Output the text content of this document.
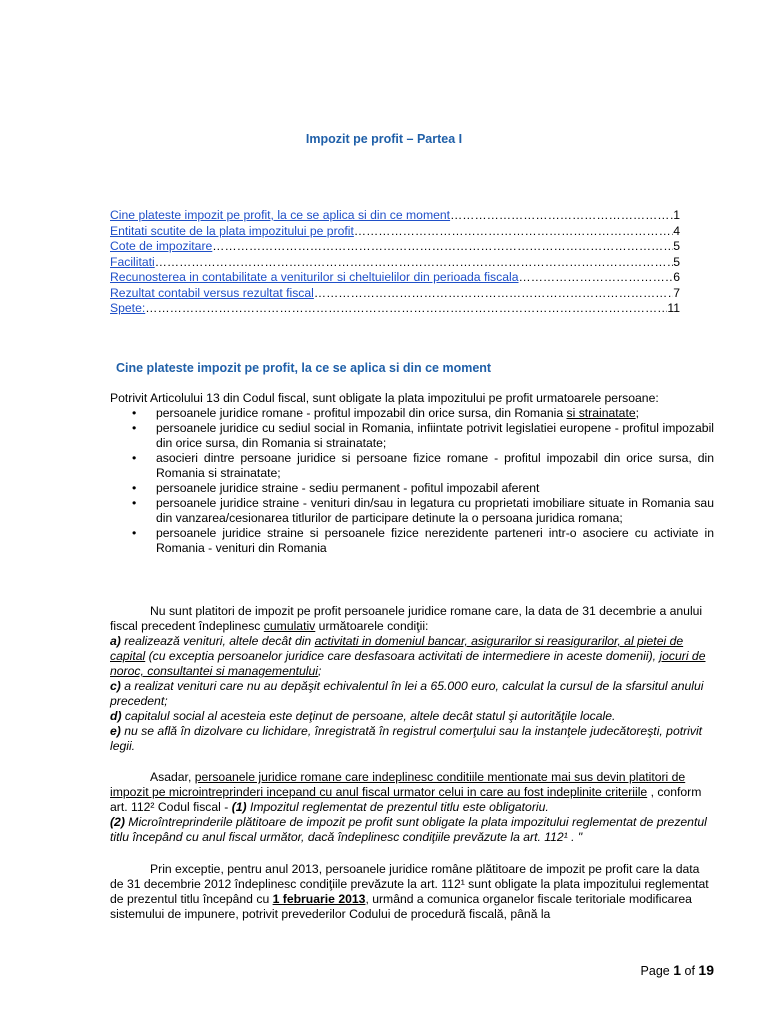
Impozit pe profit – Partea I
Cine plateste impozit pe profit, la ce se aplica si din ce moment …………………………………………………………………………………………………………………………………………………………………	1
Entitati scutite de la plata impozitului pe profit …………………………………………………………………………………………………………………………………………………………………	4
Cote de impozitare …………………………………………………………………………………………………………………………………………………………………	5
Facilitati …………………………………………………………………………………………………………………………………………………………………	5
Recunosterea in contabilitate a veniturilor si cheltuielilor din perioada fiscala …………………………………………………………………………………………………………………………………………………………………	6
Rezultat contabil versus rezultat fiscal …………………………………………………………………………………………………………………………………………………………………	7
Spete: …………………………………………………………………………………………………………………………………………………………………	11
Cine plateste impozit pe profit, la ce se aplica si din ce moment
Potrivit Articolului 13 din Codul fiscal, sunt obligate la plata impozitului pe profit urmatoarele persoane:
• persoanele juridice romane - profitul impozabil din orice sursa, din Romania si strainatate;
• persoanele juridice cu sediul social in Romania, infiintate potrivit legislatiei europene - profitul impozabil din orice sursa, din Romania si strainatate;
• asocieri dintre persoane juridice si persoane fizice romane - profitul impozabil din orice sursa, din Romania si strainatate;
• persoanele juridice straine - sediu permanent - pofitul impozabil aferent
• persoanele juridice straine - venituri din/sau in legatura cu proprietati imobiliare situate in Romania sau din vanzarea/cesionarea titlurilor de participare detinute la o persoana juridica romana;
• persoanele juridice straine si persoanele fizice nerezidente parteneri intr-o asociere cu activiate in Romania - venituri din Romania
Nu sunt platitori de impozit pe profit persoanele juridice romane care, la data de 31 decembrie a anului fiscal precedent îndeplinesc cumulativ următoarele condiţii:
a) realizează venituri, altele decât din activitati in domeniul bancar, asigurarilor si reasigurarilor, al pietei de capital (cu exceptia persoanelor juridice care desfasoara activitati de intermediere in aceste domenii), jocuri de noroc, consultantei si managementului;
c) a realizat venituri care nu au depăşit echivalentul în lei a 65.000 euro, calculat la cursul de la sfarsitul anului precedent;
d) capitalul social al acesteia este deţinut de persoane, altele decât statul şi autorităţile locale.
e) nu se află în dizolvare cu lichidare, înregistrată în registrul comerţului sau la instanţele judecătoreşti, potrivit legii.
Asadar, persoanele juridice romane care indeplinesc conditiile mentionate mai sus devin platitori de impozit pe microintreprinderi incepand cu anul fiscal urmator celui in care au fost indeplinite criteriile , conform art. 112² Codul fiscal - (1) Impozitul reglementat de prezentul titlu este obligatoriu.
(2) Microîntreprinderile plătitoare de impozit pe profit sunt obligate la plata impozitului reglementat de prezentul titlu începând cu anul fiscal următor, dacă îndeplinesc condiţiile prevăzute la art. 112¹ . "
Prin exceptie, pentru anul 2013, persoanele juridice române plătitoare de impozit pe profit care la data de 31 decembrie 2012 îndeplinesc condiţiile prevăzute la art. 112¹ sunt obligate la plata impozitului reglementat de prezentul titlu începând cu 1 februarie 2013, urmând a comunica organelor fiscale teritoriale modificarea sistemului de impunere, potrivit prevederilor Codului de procedură fiscală, până la
Page 1 of 19
